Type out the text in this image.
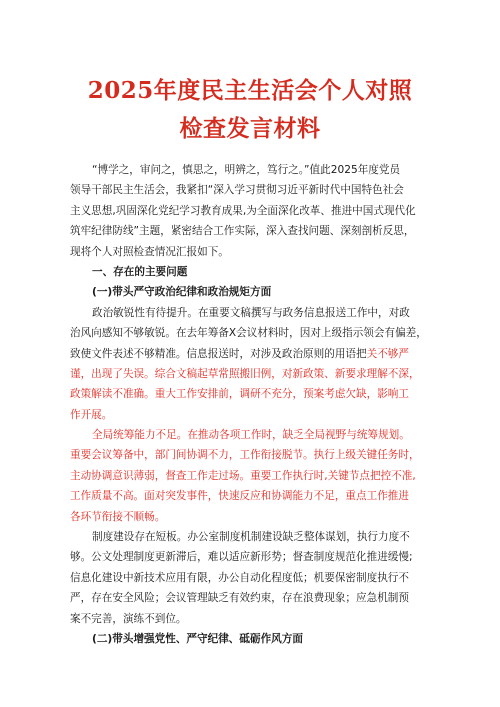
2025年度民主生活会个人对照
检查发言材料
“博学之，审问之，慎思之，明辨之，笃行之。”值此2025年度党员
领导干部民主生活会，我紧扣“深入学习贯彻习近平新时代中国特色社会
主义思想,巩固深化党纪学习教育成果,为全面深化改革、推进中国式现代化
筑牢纪律防线”主题，紧密结合工作实际，深入查找问题、深刻剖析反思，
现将个人对照检查情况汇报如下。
一、存在的主要问题
(一)带头严守政治纪律和政治规矩方面
政治敏锐性有待提升。在重要文稿撰写与政务信息报送工作中，对政
治风向感知不够敏锐。在去年筹备X会议材料时，因对上级指示领会有偏差，
致使文件表述不够精准。信息报送时，对涉及政治原则的用语把关不够严
谨，出现了失误。综合文稿起草常照搬旧例，对新政策、新要求理解不深，
政策解读不准确。重大工作安排前，调研不充分，预案考虑欠缺，影响工
作开展。
全局统筹能力不足。在推动各项工作时，缺乏全局视野与统筹规划。
重要会议筹备中，部门间协调不力，工作衔接脱节。执行上级关键任务时，
主动协调意识薄弱，督查工作走过场。重要工作执行时,关键节点把控不准,
工作质量不高。面对突发事件，快速反应和协调能力不足，重点工作推进
各环节衔接不顺畅。
制度建设存在短板。办公室制度机制建设缺乏整体谋划，执行力度不
够。公文处理制度更新滞后，难以适应新形势；督查制度规范化推进缓慢;
信息化建设中新技术应用有限，办公自动化程度低；机要保密制度执行不
严，存在安全风险；会议管理缺乏有效约束，存在浪费现象；应急机制预
案不完善，演练不到位。
(二)带头增强党性、严守纪律、砥砺作风方面
